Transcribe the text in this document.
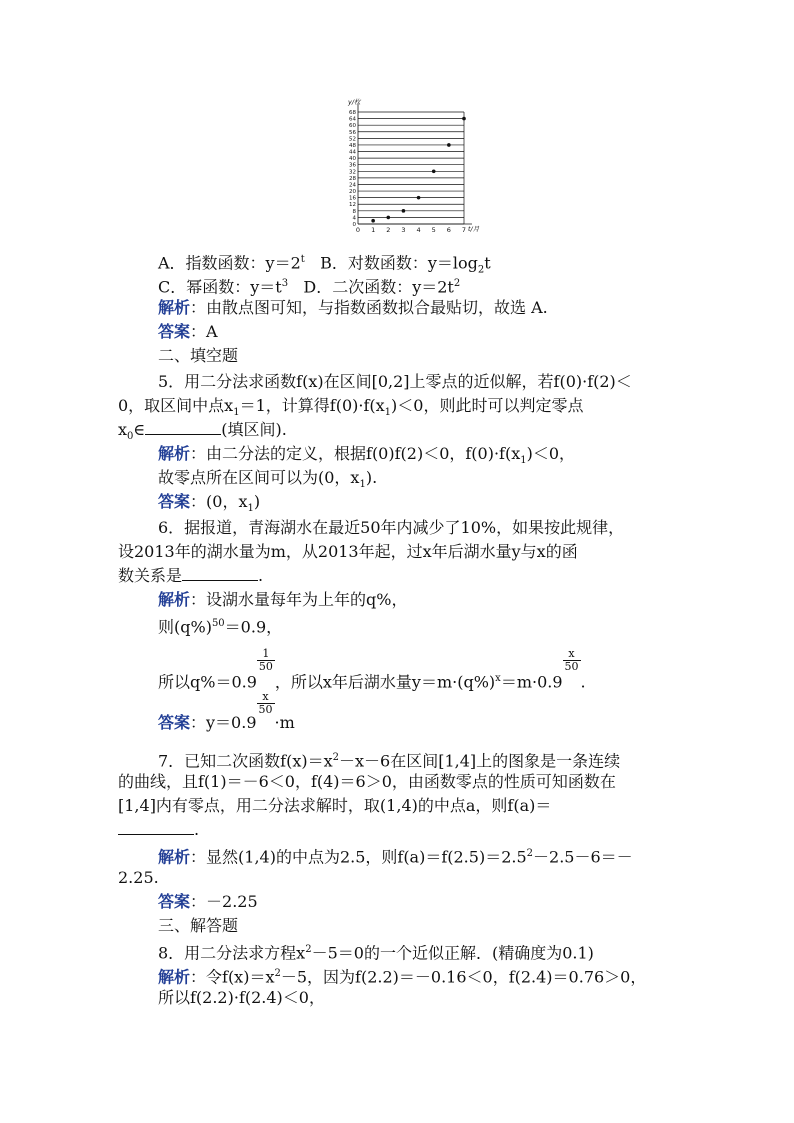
0
4
8
12
16
20
24
28
32
36
40
44
48
52
56
60
64
68
0 1 2 3 4 5 6 7
y/枚
t/月
A．指数函数：$y=2^t$ B．对数函数：$y=\log_2t$
C．幂函数：$y=t^3$ D．二次函数：$y=2t^2$
解析：由散点图可知，与指数函数拟合最贴切，故选 A.
答案：A
二、填空题
5．用二分法求函数f(x)在区间[0,2]上零点的近似解，若f(0)·f(2)＜
0，取区间中点$x_1=1$，计算得$f(0)\cdot f(x_1)<0$，则此时可以判定零点
$x_0\in$	(填区间).
解析：由二分法的定义，根据f(0)f(2)＜0，$f(0)\cdot f(x_1)<0$，
故零点所在区间可以为(0，$x_1$).
答案：(0，$x_1$)
6．据报道，青海湖水在最近50年内减少了10%，如果按此规律，
设2013年的湖水量为m，从2013年起，过x年后湖水量y与x的函
数关系是	.
解析：设湖水量每年为上年的q%，
则$(q\%)^{50}=0.9$，
所以q%＝0.9
$\frac{1}{50}$
，所以x年后湖水量$y=m\cdot(q\%)^x=m\cdot 0.9$
$\frac{x}{50}$
.
答案：y＝0.9
$\frac{x}{50}$
·m
7．已知二次函数$f(x)=x^2-x-6$在区间[1,4]上的图象是一条连续
的曲线，且f(1)＝－6＜0，f(4)＝6＞0，由函数零点的性质可知函数在
[1,4]内有零点，用二分法求解时，取(1,4)的中点a，则f(a)＝
.
解析：显然(1,4)的中点为2.5，则$f(a)=f(2.5)=2.5^2-2.5-6=-$
2.25.
答案：－2.25
三、解答题
8．用二分法求方程$x^2-5=0$的一个近似正解．(精确度为0.1)
解析：令$f(x)=x^2-5$，因为f(2.2)＝－0.16＜0，f(2.4)＝0.76＞0，
所以f(2.2)·f(2.4)＜0，
